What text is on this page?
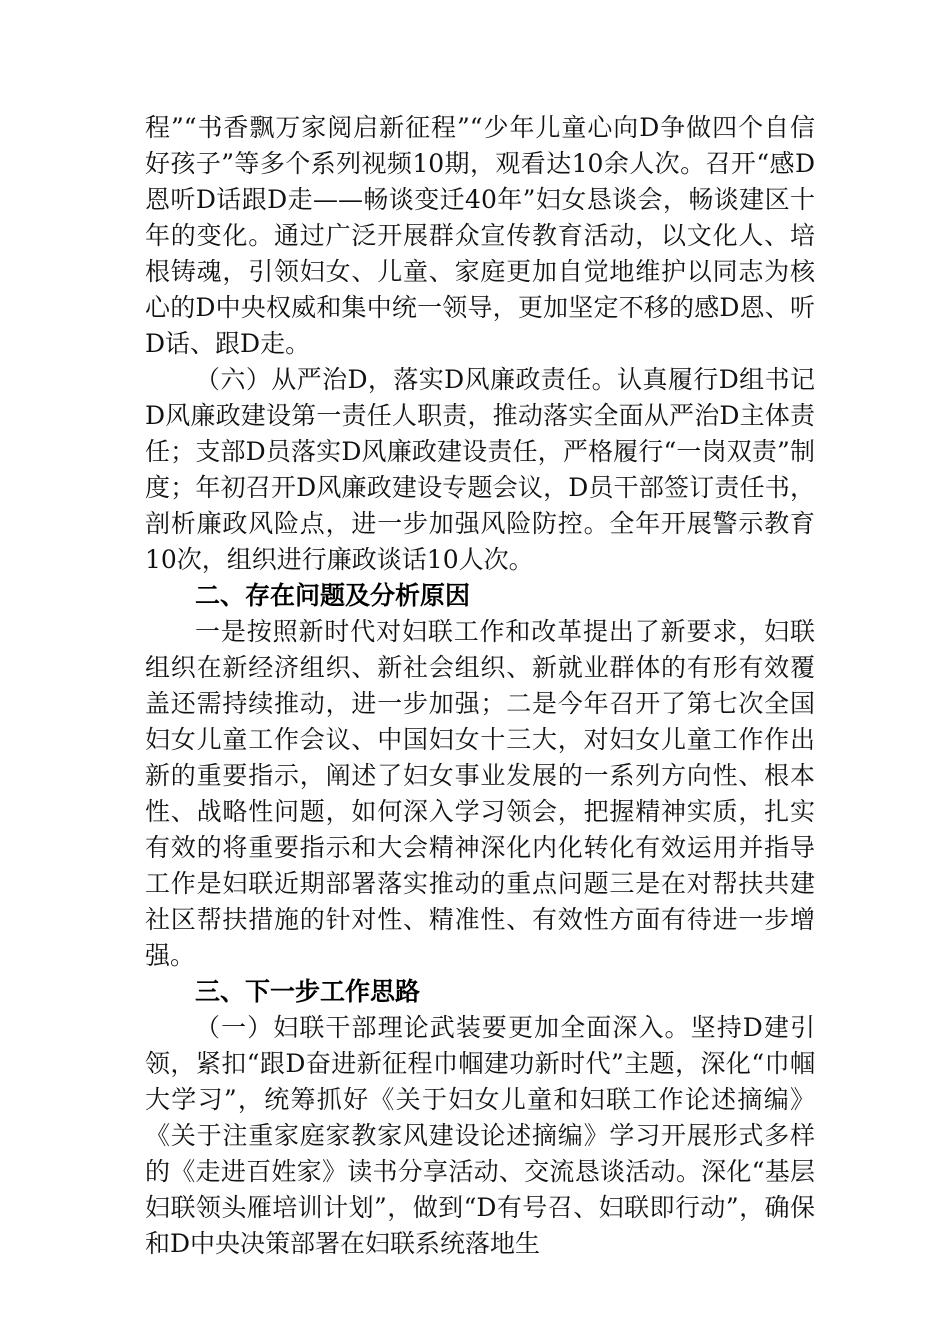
程”“书香飘万家阅启新征程”“少年儿童心向D争做四个自信好孩子”等多个系列视频10期，观看达10余人次。召开“感D恩听D话跟D走——畅谈变迁40年”妇女恳谈会，畅谈建区十年的变化。通过广泛开展群众宣传教育活动，以文化人、培根铸魂，引领妇女、儿童、家庭更加自觉地维护以同志为核心的D中央权威和集中统一领导，更加坚定不移的感D恩、听D话、跟D走。

（六）从严治D，落实D风廉政责任。认真履行D组书记D风廉政建设第一责任人职责，推动落实全面从严治D主体责任；支部D员落实D风廉政建设责任，严格履行“一岗双责”制度；年初召开D风廉政建设专题会议，D员干部签订责任书，剖析廉政风险点，进一步加强风险防控。全年开展警示教育10次，组织进行廉政谈话10人次。

二、存在问题及分析原因

一是按照新时代对妇联工作和改革提出了新要求，妇联组织在新经济组织、新社会组织、新就业群体的有形有效覆盖还需持续推动，进一步加强；二是今年召开了第七次全国妇女儿童工作会议、中国妇女十三大，对妇女儿童工作作出新的重要指示，阐述了妇女事业发展的一系列方向性、根本性、战略性问题，如何深入学习领会，把握精神实质，扎实有效的将重要指示和大会精神深化内化转化有效运用并指导工作是妇联近期部署落实推动的重点问题三是在对帮扶共建社区帮扶措施的针对性、精准性、有效性方面有待进一步增强。

三、下一步工作思路

（一）妇联干部理论武装要更加全面深入。坚持D建引领，紧扣“跟D奋进新征程巾帼建功新时代”主题，深化“巾帼大学习”，统筹抓好《关于妇女儿童和妇联工作论述摘编》《关于注重家庭家教家风建设论述摘编》学习开展形式多样的《走进百姓家》读书分享活动、交流恳谈活动。深化“基层妇联领头雁培训计划”，做到“D有号召、妇联即行动”，确保和D中央决策部署在妇联系统落地生
